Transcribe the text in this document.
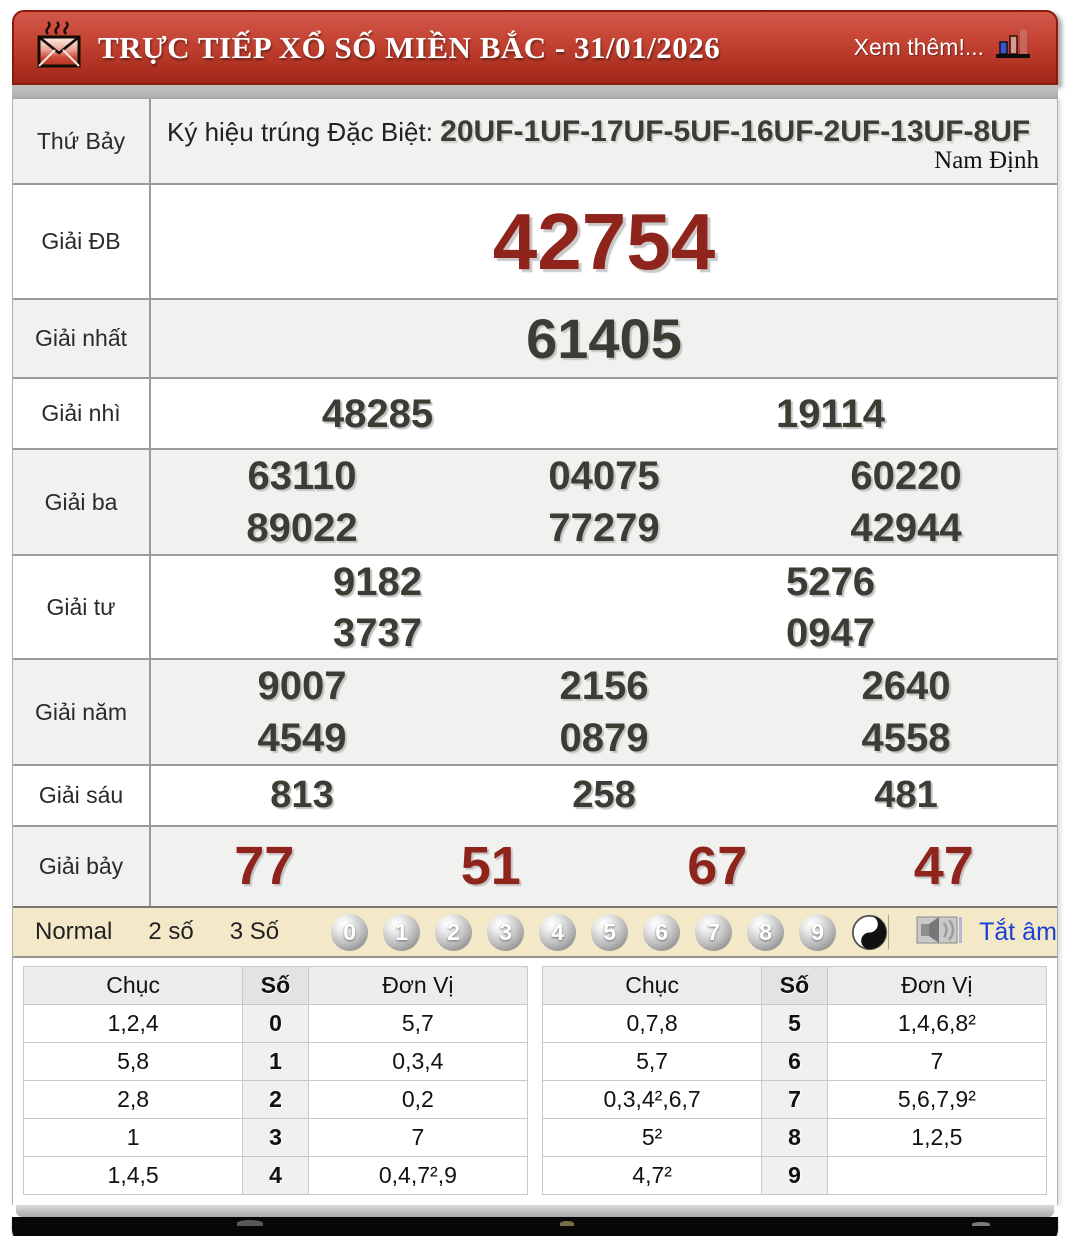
TRỰC TIẾP XỔ SỐ MIỀN BẮC - 31/01/2026	Xem thêm!...
Thứ Bảy	Ký hiệu trúng Đặc Biệt: 20UF-1UF-17UF-5UF-16UF-2UF-13UF-8UF
Nam Định
Giải ĐB	42754
Giải nhất	61405
Giải nhì	48285	19114
Giải ba
63110	04075	60220
89022	77279	42944
Giải tư
9182	5276
3737	0947
Giải năm
9007	2156	2640
4549	0879	4558
Giải sáu	813	258	481
Giải bảy	77	51	67	47
Normal	2 số	3 Số	0	1	2	3	4	5	6	7	8	9	Tắt âm
Chục	Số	Đơn Vị
1,2,4	0	5,7
5,8	1	0,3,4
2,8	2	0,2
1	3	7
1,4,5	4	0,4,7²,9
Chục	Số	Đơn Vị
0,7,8	5	1,4,6,8²
5,7	6	7
0,3,4²,6,7	7	5,6,7,9²
5²	8	1,2,5
4,7²	9	
